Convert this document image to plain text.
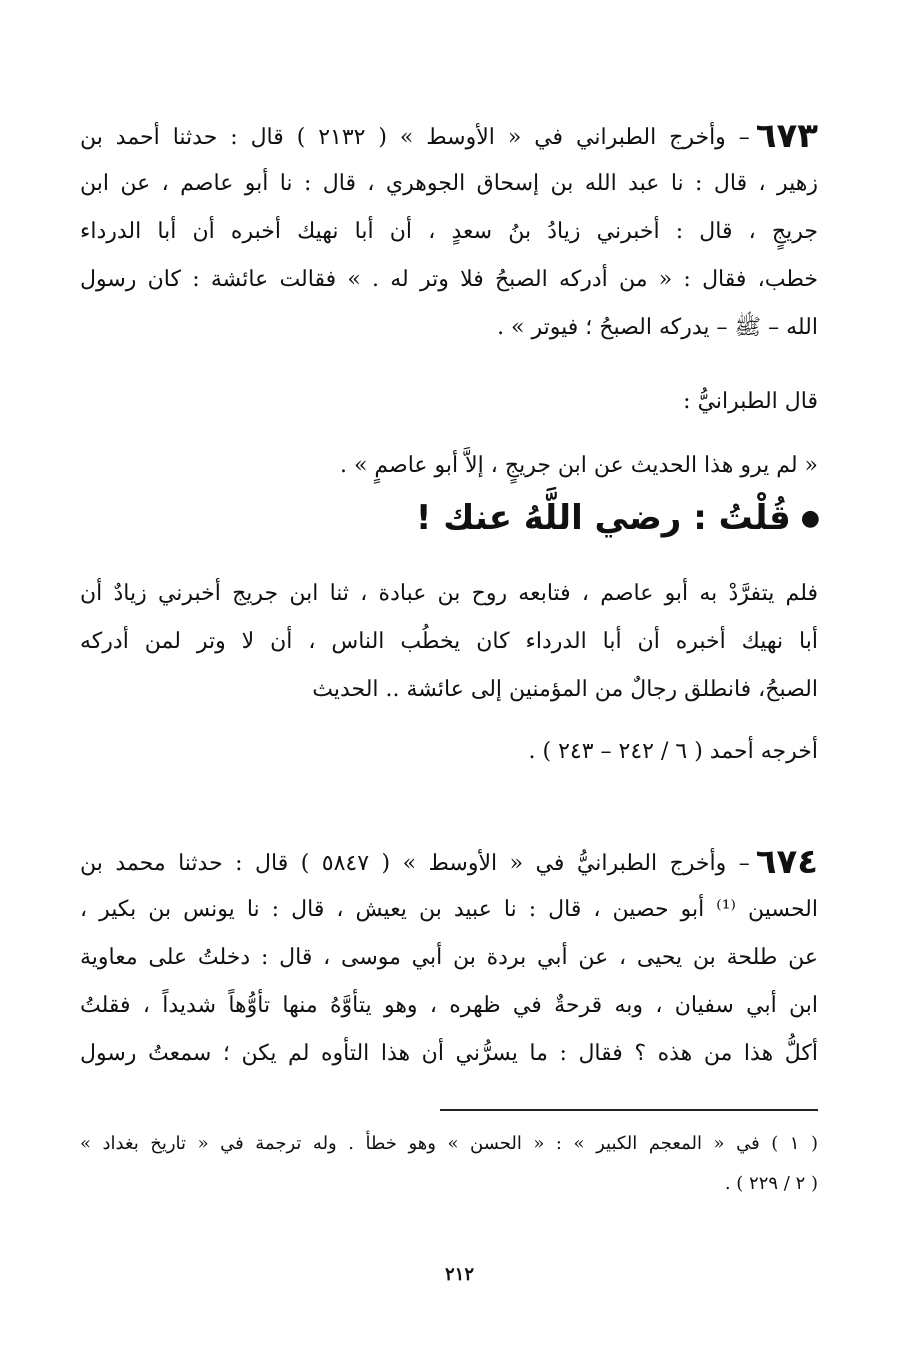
٦٧٣– وأخرج الطبراني في « الأوسط » ( ٢١٣٢ ) قال : حدثنا أحمد بن
زهير ، قال : نا عبد الله بن إسحاق الجوهري ، قال : نا أبو عاصم ، عن ابن
جريجٍ ، قال : أخبرني زيادُ بنُ سعدٍ ، أن أبا نهيك أخبره أن أبا الدرداء
خطب، فقال : « من أدركه الصبحُ فلا وتر له . » فقالت عائشة : كان رسول
الله – ﷺ – يدركه الصبحُ ؛ فيوتر » .
قال الطبرانيُّ :
« لم يرو هذا الحديث عن ابن جريجٍ ، إلاَّ أبو عاصمٍ » .
●قُلْتُ : رضي اللَّهُ عنك !
فلم يتفرَّدْ به أبو عاصم ، فتابعه روح بن عبادة ، ثنا ابن جريج أخبرني زيادٌ أن
أبا نهيك أخبره أن أبا الدرداء كان يخطُب الناس ، أن لا وتر لمن أدركه
الصبحُ، فانطلق رجالٌ من المؤمنين إلى عائشة .. الحديث
أخرجه أحمد ( ٦ / ٢٤٢ – ٢٤٣ ) .
٦٧٤– وأخرج الطبرانيُّ في « الأوسط » ( ٥٨٤٧ ) قال : حدثنا محمد بن
الحسين ⁽¹⁾ أبو حصين ، قال : نا عبيد بن يعيش ، قال : نا يونس بن بكير ،
عن طلحة بن يحيى ، عن أبي بردة بن أبي موسى ، قال : دخلتُ على معاوية
ابن أبي سفيان ، وبه قرحةٌ في ظهره ، وهو يتأوَّهُ منها تأوُّهاً شديداً ، فقلتُ
أكلُّ هذا من هذه ؟ فقال : ما يسرُّني أن هذا التأوه لم يكن ؛ سمعتُ رسول
( ١ ) في « المعجم الكبير » : « الحسن » وهو خطأ . وله ترجمة في « تاريخ بغداد »
( ٢ / ٢٢٩ ) .
٢١٢
